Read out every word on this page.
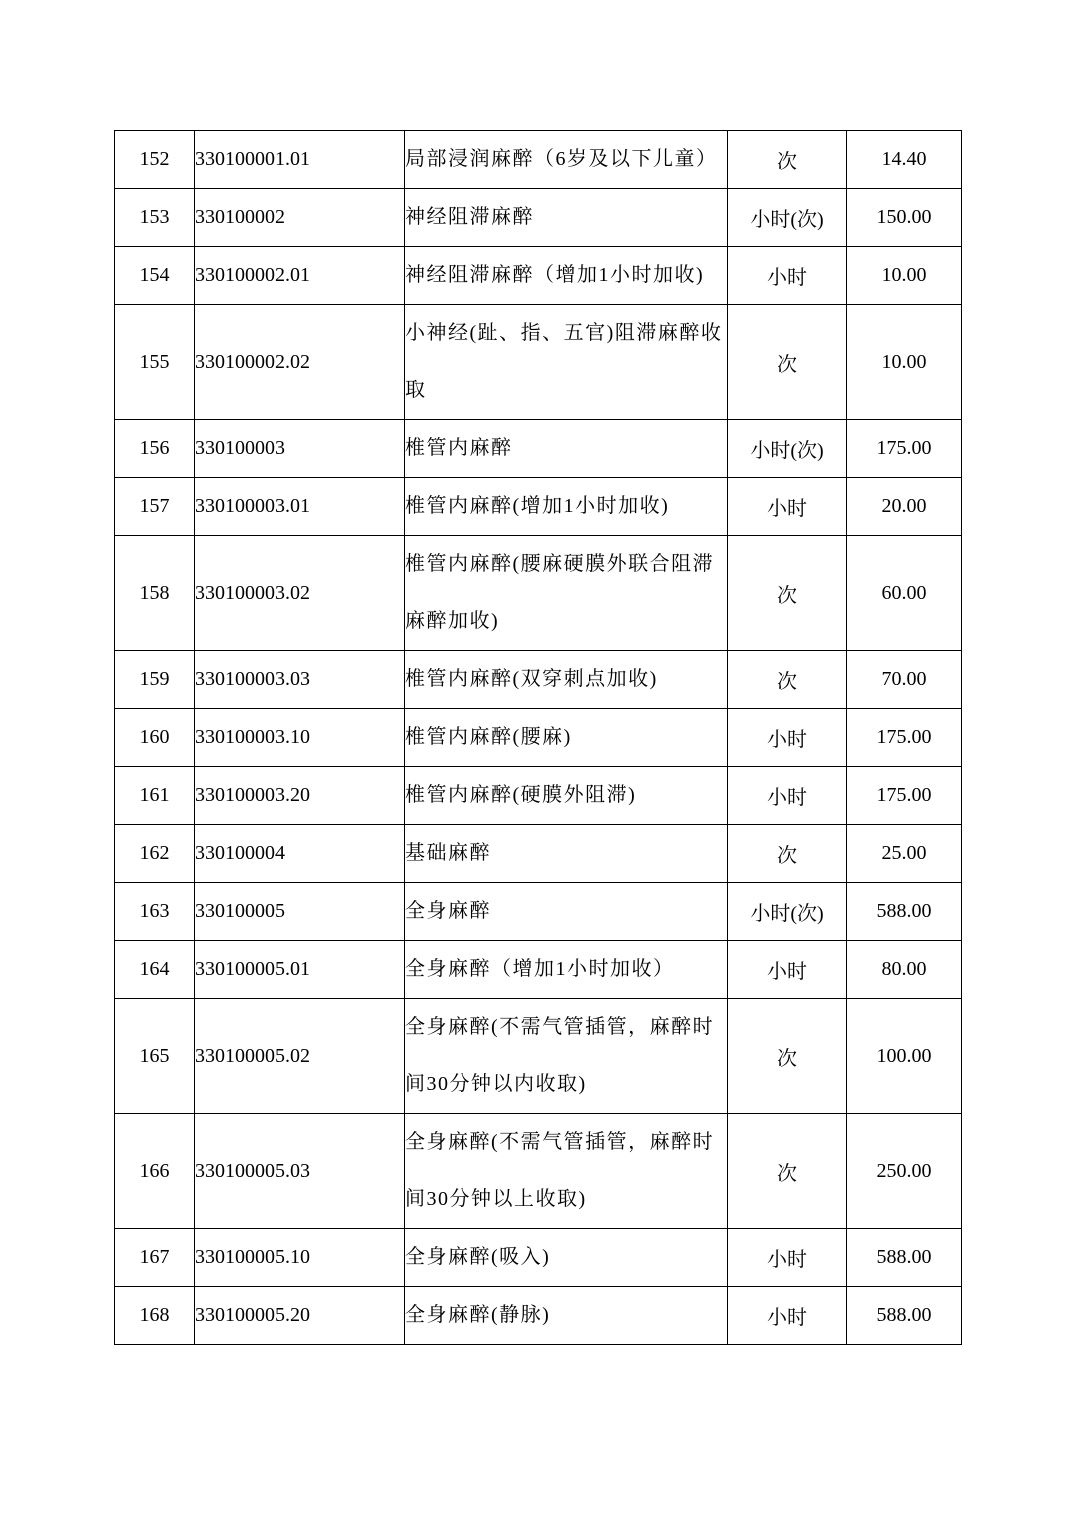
152	330100001.01	局部浸润麻醉（6岁及以下儿童）	次	14.40
153	330100002	神经阻滞麻醉	小时(次)	150.00
154	330100002.01	神经阻滞麻醉（增加1小时加收)	小时	10.00
155	330100002.02	小神经(趾、指、五官)阻滞麻醉收取	次	10.00
156	330100003	椎管内麻醉	小时(次)	175.00
157	330100003.01	椎管内麻醉(增加1小时加收)	小时	20.00
158	330100003.02	椎管内麻醉(腰麻硬膜外联合阻滞麻醉加收)	次	60.00
159	330100003.03	椎管内麻醉(双穿刺点加收)	次	70.00
160	330100003.10	椎管内麻醉(腰麻)	小时	175.00
161	330100003.20	椎管内麻醉(硬膜外阻滞)	小时	175.00
162	330100004	基础麻醉	次	25.00
163	330100005	全身麻醉	小时(次)	588.00
164	330100005.01	全身麻醉（增加1小时加收）	小时	80.00
165	330100005.02	全身麻醉(不需气管插管，麻醉时间30分钟以内收取)	次	100.00
166	330100005.03	全身麻醉(不需气管插管，麻醉时间30分钟以上收取)	次	250.00
167	330100005.10	全身麻醉(吸入)	小时	588.00
168	330100005.20	全身麻醉(静脉)	小时	588.00
